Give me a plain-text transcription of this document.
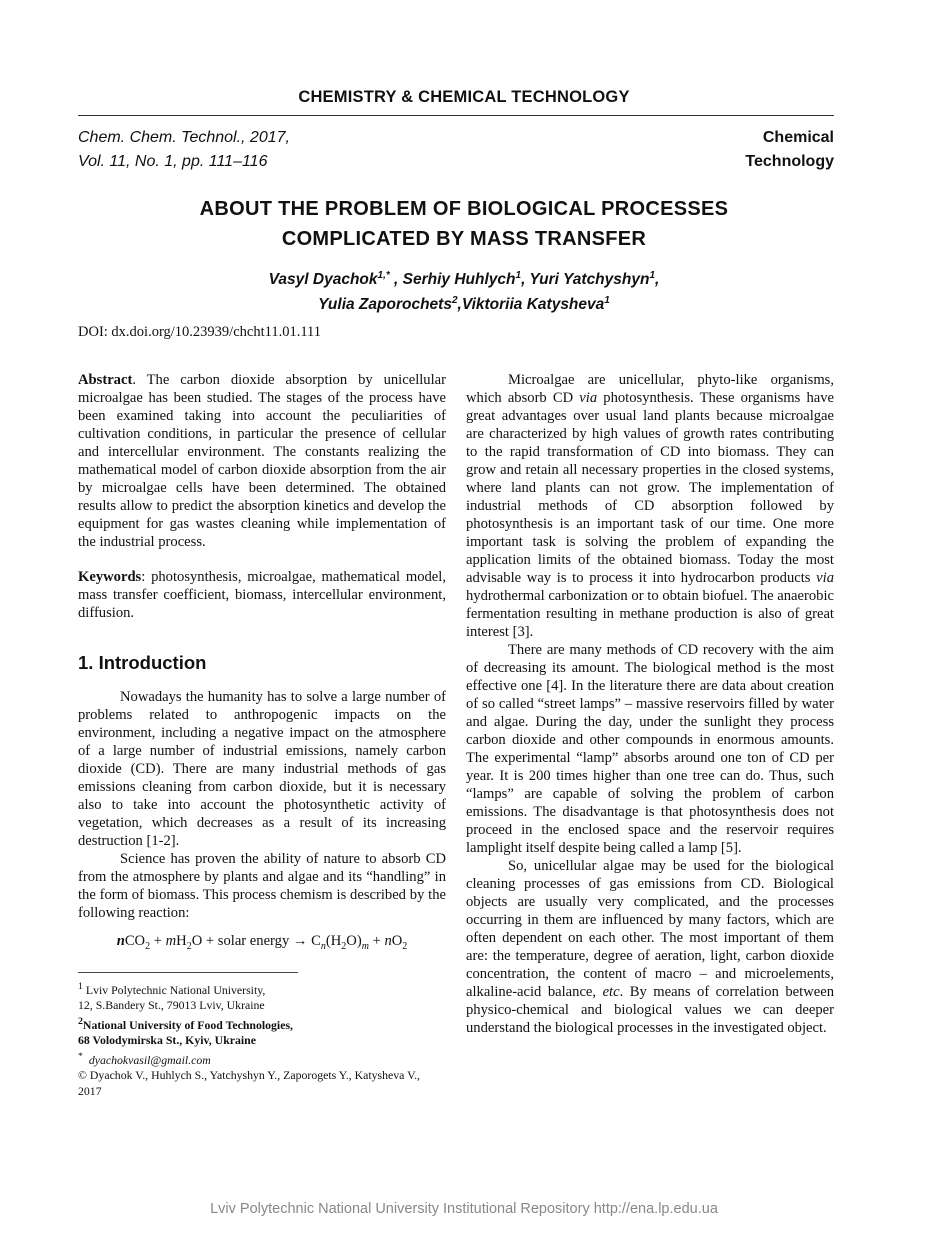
CHEMISTRY & CHEMICAL TECHNOLOGY
Chem. Chem. Technol., 2017,
Vol. 11, No. 1, pp. 111–116
Chemical
Technology
ABOUT THE PROBLEM OF BIOLOGICAL PROCESSES
COMPLICATED BY MASS TRANSFER
Vasyl Dyachok$^{1,*}$ , Serhiy Huhlych$^1$, Yuri Yatchyshyn$^1$,
Yulia Zaporochets$^2$,Viktoriia Katysheva$^1$
DOI: dx.doi.org/10.23939/chcht11.01.111

Abstract. The carbon dioxide absorption by unicellular microalgae has been studied. The stages of the process have been examined taking into account the peculiarities of cultivation conditions, in particular the presence of cellular and intercellular environment. The constants realizing the mathematical model of carbon dioxide absorption from the air by microalgae cells have been determined. The obtained results allow to predict the absorption kinetics and develop the equipment for gas wastes cleaning while implementation of the industrial process.

Keywords: photosynthesis, microalgae, mathematical model, mass transfer coefficient, biomass, intercellular environment, diffusion.

1. Introduction

Nowadays the humanity has to solve a large number of problems related to anthropogenic impacts on the environment, including a negative impact on the atmosphere of a large number of industrial emissions, namely carbon dioxide (CD). There are many industrial methods of gas emissions cleaning from carbon dioxide, but it is necessary also to take into account the photosynthetic activity of vegetation, which decreases as a result of its increasing destruction [1-2].

Science has proven the ability of nature to absorb CD from the atmosphere by plants and algae and its “handling” in the form of biomass. This process chemism is described by the following reaction:

$nCO_2 + mH_2O$ + solar energy → $C_n(H_2O)_m + nO_2$
$^1$ Lviv Polytechnic National University,
12, S.Bandery St., 79013 Lviv, Ukraine
$^2$National University of Food Technologies,
68 Volodymirska St., Kyiv, Ukraine
* dyachokvasil@gmail.com
© Dyachok V., Huhlych S., Yatchyshyn Y., Zaporogets Y., Katysheva V., 2017

Microalgae are unicellular, phyto-like organisms, which absorb CD via photosynthesis. These organisms have great advantages over usual land plants because microalgae are characterized by high values of growth rates contributing to the rapid transformation of CD into biomass. They can grow and retain all necessary properties in the closed systems, where land plants can not grow. The implementation of industrial methods of CD absorption followed by photosynthesis is an important task of our time. One more important task is solving the problem of expanding the application limits of the obtained biomass. Today the most advisable way is to process it into hydrocarbon products via hydrothermal carbonization or to obtain biofuel. The anaerobic fermentation resulting in methane production is also of great interest [3].

There are many methods of CD recovery with the aim of decreasing its amount. The biological method is the most effective one [4]. In the literature there are data about creation of so called “street lamps” – massive reservoirs filled by water and algae. During the day, under the sunlight they process carbon dioxide and other compounds in enormous amounts. The experimental “lamp” absorbs around one ton of CD per year. It is 200 times higher than one tree can do. Thus, such “lamps” are capable of solving the problem of carbon emissions. The disadvantage is that photosynthesis does not proceed in the enclosed space and the reservoir requires lamplight itself despite being called a lamp [5].

So, unicellular algae may be used for the biological cleaning processes of gas emissions from CD. Biological objects are usually very complicated, and the processes occurring in them are influenced by many factors, which are often dependent on each other. The most important of them are: the temperature, degree of aeration, light, carbon dioxide concentration, the content of macro – and microelements, alkaline-acid balance, etc. By means of correlation between physico-chemical and biological values we can deeper understand the biological processes in the investigated object.

Lviv Polytechnic National University Institutional Repository http://ena.lp.edu.ua
